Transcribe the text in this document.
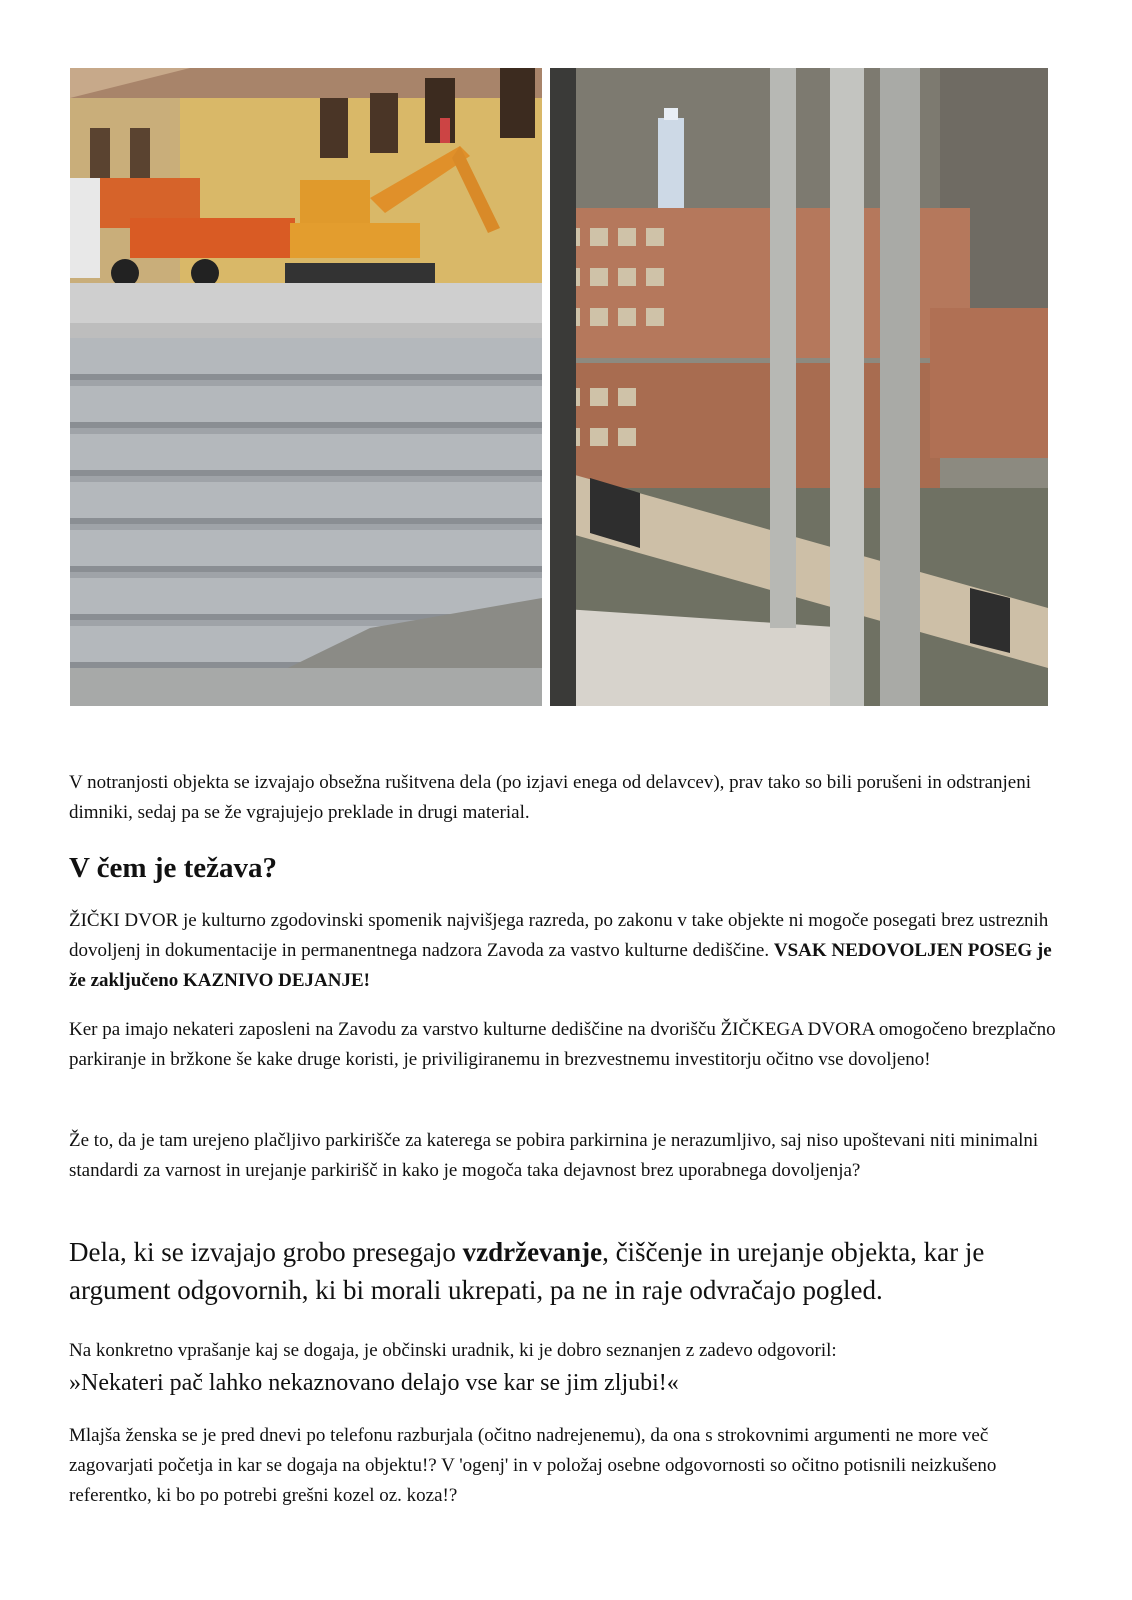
V notranjosti objekta se izvajajo obsežna rušitvena dela (po izjavi enega od delavcev), prav tako so bili porušeni in odstranjeni dimniki, sedaj pa se že vgrajujejo preklade in drugi material.

V čem je težava?

ŽIČKI DVOR je kulturno zgodovinski spomenik najvišjega razreda, po zakonu v take objekte ni mogoče posegati brez ustreznih dovoljenj in dokumentacije in permanentnega nadzora Zavoda za vastvo kulturne dediščine. VSAK NEDOVOLJEN POSEG je že zaključeno KAZNIVO DEJANJE!

Ker pa imajo nekateri zaposleni na Zavodu za varstvo kulturne dediščine na dvorišču ŽIČKEGA DVORA omogočeno brezplačno parkiranje in bržkone še kake druge koristi, je priviligiranemu in brezvestnemu investitorju očitno vse dovoljeno!

Že to, da je tam urejeno plačljivo parkirišče za katerega se pobira parkirnina je nerazumljivo, saj niso upoštevani niti minimalni standardi za varnost in urejanje parkirišč in kako je mogoča taka dejavnost brez uporabnega dovoljenja?

Dela, ki se izvajajo grobo presegajo vzdrževanje, čiščenje in urejanje objekta, kar je argument odgovornih, ki bi morali ukrepati, pa ne in raje odvračajo pogled.

Na konkretno vprašanje kaj se dogaja, je občinski uradnik, ki je dobro seznanjen z zadevo odgovoril:
»Nekateri pač lahko nekaznovano delajo vse kar se jim zljubi!«

Mlajša ženska se je pred dnevi po telefonu razburjala (očitno nadrejenemu), da ona s strokovnimi argumenti ne more več zagovarjati početja in kar se dogaja na objektu!? V 'ogenj' in v položaj osebne odgovornosti so očitno potisnili neizkušeno referentko, ki bo po potrebi grešni kozel oz. koza!?
